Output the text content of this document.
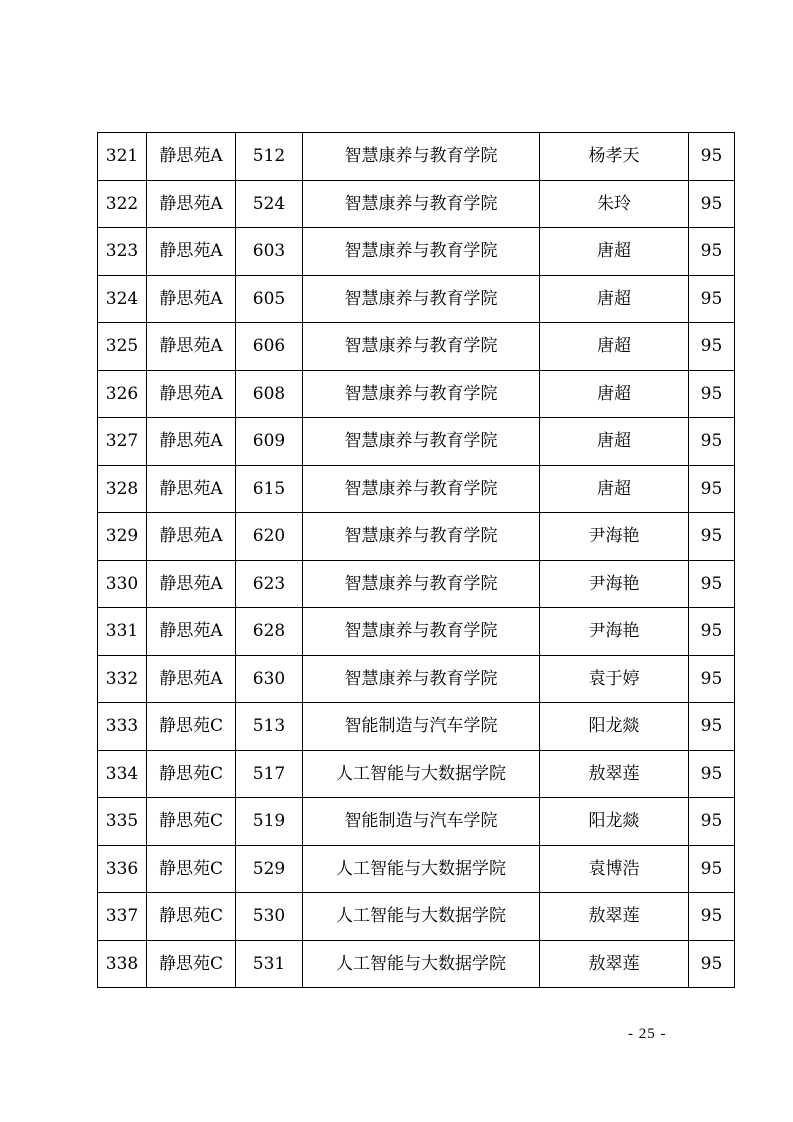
321	静思苑A	512	智慧康养与教育学院	杨孝天	95
322	静思苑A	524	智慧康养与教育学院	朱玲	95
323	静思苑A	603	智慧康养与教育学院	唐超	95
324	静思苑A	605	智慧康养与教育学院	唐超	95
325	静思苑A	606	智慧康养与教育学院	唐超	95
326	静思苑A	608	智慧康养与教育学院	唐超	95
327	静思苑A	609	智慧康养与教育学院	唐超	95
328	静思苑A	615	智慧康养与教育学院	唐超	95
329	静思苑A	620	智慧康养与教育学院	尹海艳	95
330	静思苑A	623	智慧康养与教育学院	尹海艳	95
331	静思苑A	628	智慧康养与教育学院	尹海艳	95
332	静思苑A	630	智慧康养与教育学院	袁于婷	95
333	静思苑C	513	智能制造与汽车学院	阳龙燚	95
334	静思苑C	517	人工智能与大数据学院	敖翠莲	95
335	静思苑C	519	智能制造与汽车学院	阳龙燚	95
336	静思苑C	529	人工智能与大数据学院	袁博浩	95
337	静思苑C	530	人工智能与大数据学院	敖翠莲	95
338	静思苑C	531	人工智能与大数据学院	敖翠莲	95
- 25 -
